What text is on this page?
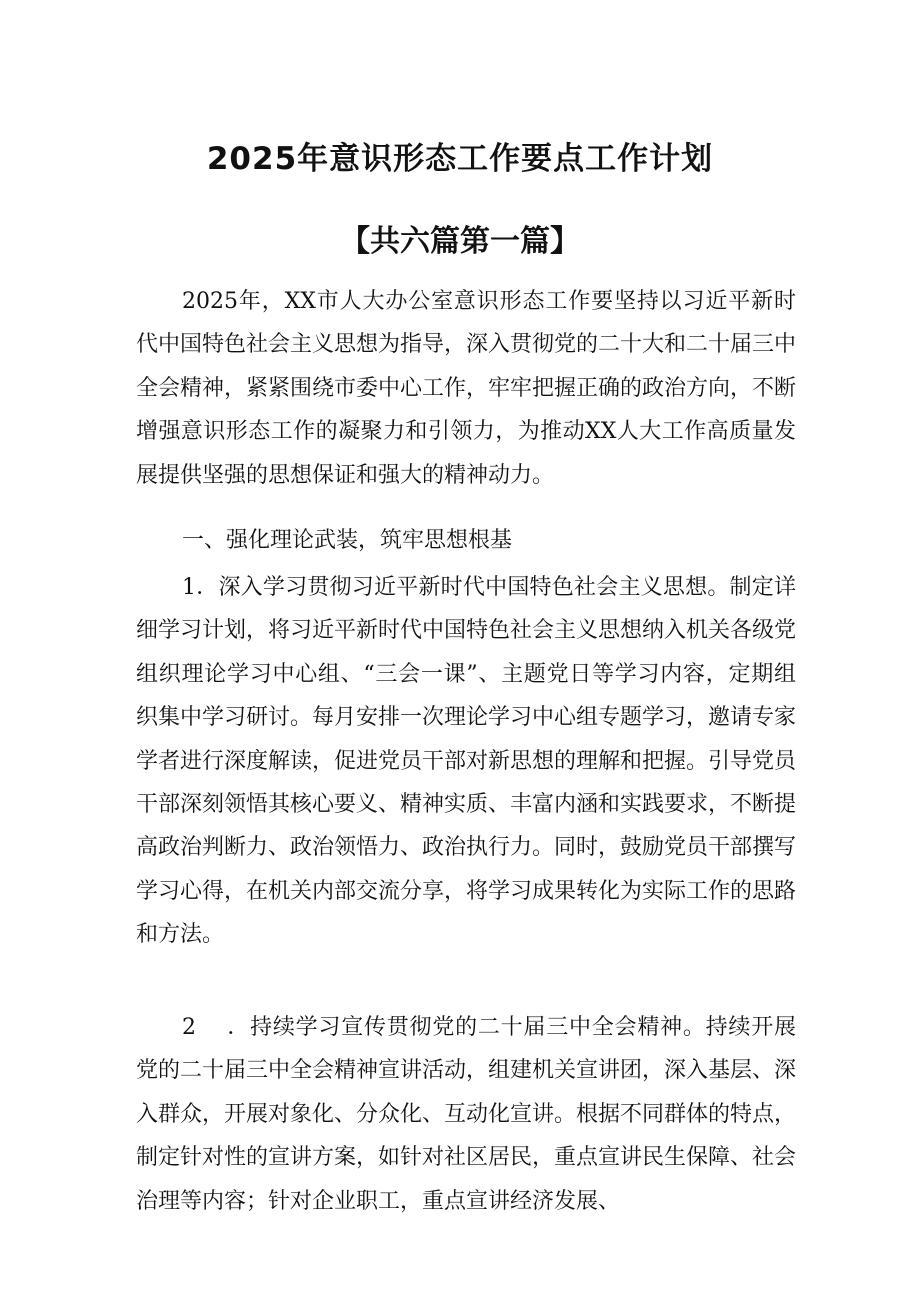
2025年意识形态工作要点工作计划
【共六篇第一篇】

2025年，XX市人大办公室意识形态工作要坚持以习近平新时代中国特色社会主义思想为指导，深入贯彻党的二十大和二十届三中全会精神，紧紧围绕市委中心工作，牢牢把握正确的政治方向，不断增强意识形态工作的凝聚力和引领力，为推动XX人大工作高质量发展提供坚强的思想保证和强大的精神动力。

一、强化理论武装，筑牢思想根基

1．深入学习贯彻习近平新时代中国特色社会主义思想。制定详细学习计划，将习近平新时代中国特色社会主义思想纳入机关各级党组织理论学习中心组、“三会一课”、主题党日等学习内容，定期组织集中学习研讨。每月安排一次理论学习中心组专题学习，邀请专家学者进行深度解读，促进党员干部对新思想的理解和把握。引导党员干部深刻领悟其核心要义、精神实质、丰富内涵和实践要求，不断提高政治判断力、政治领悟力、政治执行力。同时，鼓励党员干部撰写学习心得，在机关内部交流分享，将学习成果转化为实际工作的思路和方法。

2　 ．持续学习宣传贯彻党的二十届三中全会精神。持续开展党的二十届三中全会精神宣讲活动，组建机关宣讲团，深入基层、深入群众，开展对象化、分众化、互动化宣讲。根据不同群体的特点，制定针对性的宣讲方案，如针对社区居民，重点宣讲民生保障、社会治理等内容；针对企业职工，重点宣讲经济发展、
